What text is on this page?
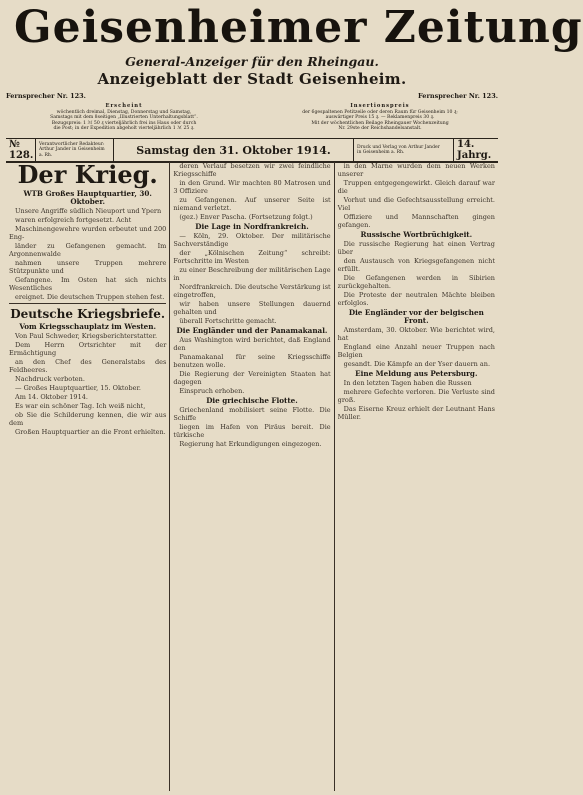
Geisenheimer Zeitung
General-Anzeiger für den Rheingau.
Anzeigeblatt der Stadt Geisenheim.
Fernsprecher Nr. 123.	Fernsprecher Nr. 123.
Erscheint
wöchentlich dreimal, Dienstag, Donnerstag und Samstag,
Samstags mit dem 8seitigen „Illustrierten Unterhaltungsblatt“.
Bezugspreis: 1 ℳ 50 ₰ vierteljährlich frei ins Haus oder durch
die Post; in der Expedition abgeholt vierteljährlich 1 ℳ 25 ₰.
Insertionspreis
der 6gespaltenen Petitzeile oder deren Raum für Geisenheim 10 ₰;
auswärtiger Preis 15 ₰. — Reklamenpreis 30 ₰.
Mit der wöchentlichen Beilage Rheingauer Wochenzeitung
Nr. 29ste der Reichshandelsanstalt.
№ 128.
Verantwortlicher Redakteur:
Arthur Jander in Geisenheim a. Rh.	Samstag den 31. Oktober 1914.	Druck und Verlag von Arthur Jander
in Geisenheim a. Rh.
14. Jahrg.
Der Krieg.
WTB Großes Hauptquartier, 30. Oktober.

Unsere Angriffe südlich Nieuport und Ypern

waren erfolgreich fortgesetzt. Acht

Maschinengewehre wurden erbeutet und 200 Eng-

länder zu Gefangenen gemacht. Im Argonnenwalde

nahmen unsere Truppen mehrere Stützpunkte und

Gefangene. Im Osten hat sich nichts Wesentliches

ereignet. Die deutschen Truppen stehen fest.

Deutsche Kriegsbriefe.
Vom Kriegsschauplatz im Westen.

Von Paul Schweder, Kriegsberichterstatter.

Dem Herrn Ortsrichter mit der Ermächtigung

an den Chef des Generalstabs des Feldheeres.

Nachdruck verboten.

— Großes Hauptquartier, 15. Oktober.

Am 14. Oktober 1914.

Es war ein schöner Tag. Ich weiß nicht,

ob Sie die Schilderung kennen, die wir aus dem

Großen Hauptquartier an die Front erhielten.

deren Verlauf besetzen wir zwei feindliche Kriegsschiffe

in den Grund. Wir machten 80 Matrosen und 3 Offiziere

zu Gefangenen. Auf unserer Seite ist niemand verletzt.

(gez.) Enver Pascha. (Fortsetzung folgt.)

Die Lage in Nordfrankreich.

— Köln, 29. Oktober. Der militärische Sachverständige

der „Kölnischen Zeitung“ schreibt: Fortschritte im Westen

zu einer Beschreibung der militärischen Lage in

Nordfrankreich. Die deutsche Verstärkung ist eingetroffen,

wir haben unsere Stellungen dauernd gehalten und

überall Fortschritte gemacht.

Die Engländer und der Panamakanal.

Aus Washington wird berichtet, daß England den

Panamakanal für seine Kriegsschiffe benutzen wolle.

Die Regierung der Vereinigten Staaten hat dagegen

Einspruch erhoben.

Die griechische Flotte.

Griechenland mobilisiert seine Flotte. Die Schiffe

liegen im Hafen von Piräus bereit. Die türkische

Regierung hat Erkundigungen eingezogen.

in den Marne wurden dem neuen Werken unserer

Truppen entgegengewirkt. Gleich darauf war die

Vorhut und die Gefechtsausstellung erreicht. Viel

Offiziere und Mannschaften gingen gefangen.

Russische Wortbrüchigkeit.

Die russische Regierung hat einen Vertrag über

den Austausch von Kriegsgefangenen nicht erfüllt.

Die Gefangenen werden in Sibirien zurückgehalten.

Die Proteste der neutralen Mächte bleiben erfolglos.

Die Engländer vor der belgischen Front.

Amsterdam, 30. Oktober. Wie berichtet wird, hat

England eine Anzahl neuer Truppen nach Belgien

gesandt. Die Kämpfe an der Yser dauern an.

Eine Meldung aus Petersburg.

In den letzten Tagen haben die Russen

mehrere Gefechte verloren. Die Verluste sind groß.

Das Eiserne Kreuz erhielt der Leutnant Hans Müller.
